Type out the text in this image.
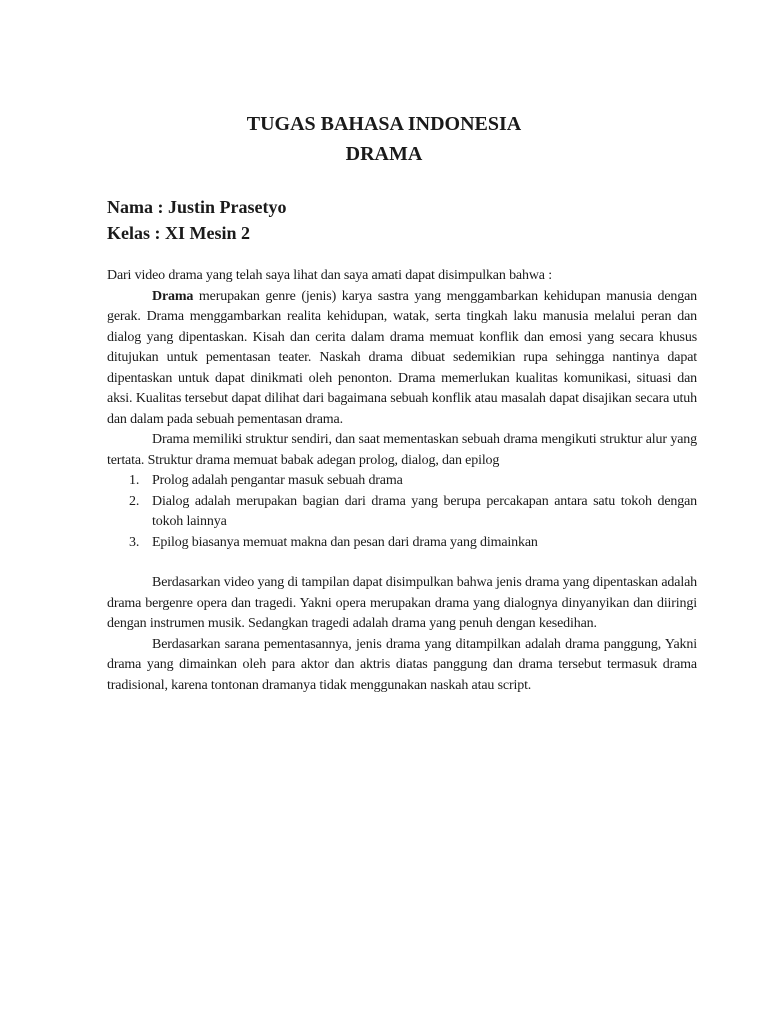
TUGAS BAHASA INDONESIA
DRAMA
Nama : Justin Prasetyo
Kelas : XI Mesin 2

Dari video drama yang telah saya lihat dan saya amati dapat disimpulkan bahwa :

Drama merupakan genre (jenis) karya sastra yang menggambarkan kehidupan manusia dengan gerak. Drama menggambarkan realita kehidupan, watak, serta tingkah laku manusia melalui peran dan dialog yang dipentaskan. Kisah dan cerita dalam drama memuat konflik dan emosi yang secara khusus ditujukan untuk pementasan teater. Naskah drama dibuat sedemikian rupa sehingga nantinya dapat dipentaskan untuk dapat dinikmati oleh penonton. Drama memerlukan kualitas komunikasi, situasi dan aksi. Kualitas tersebut dapat dilihat dari bagaimana sebuah konflik atau masalah dapat disajikan secara utuh dan dalam pada sebuah pementasan drama.

Drama memiliki struktur sendiri, dan saat mementaskan sebuah drama mengikuti struktur alur yang tertata. Struktur drama memuat babak adegan prolog, dialog, dan epilog

1. Prolog adalah pengantar masuk sebuah drama
2. Dialog adalah merupakan bagian dari drama yang berupa percakapan antara satu tokoh dengan tokoh lainnya
3. Epilog biasanya memuat makna dan pesan dari drama yang dimainkan

Berdasarkan video yang di tampilan dapat disimpulkan bahwa jenis drama yang dipentaskan adalah drama bergenre opera dan tragedi. Yakni opera merupakan drama yang dialognya dinyanyikan dan diiringi dengan instrumen musik. Sedangkan tragedi adalah drama yang penuh dengan kesedihan.

Berdasarkan sarana pementasannya, jenis drama yang ditampilkan adalah drama panggung, Yakni drama yang dimainkan oleh para aktor dan aktris diatas panggung dan drama tersebut termasuk drama tradisional, karena tontonan dramanya tidak menggunakan naskah atau script.
